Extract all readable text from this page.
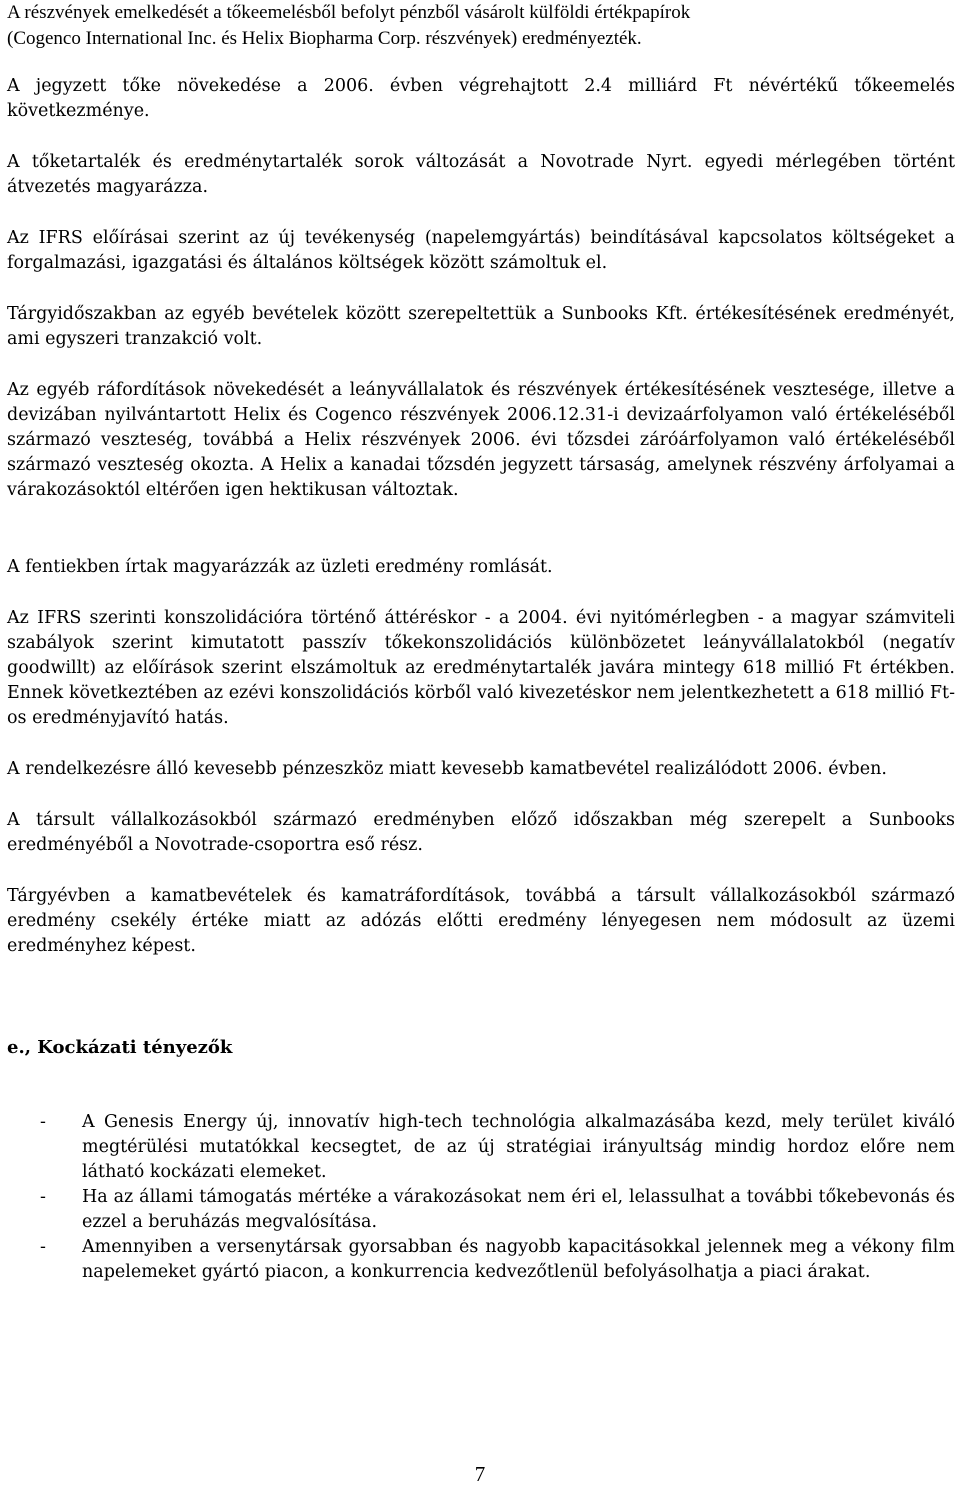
A részvények emelkedését a tőkeemelésből befolyt pénzből vásárolt külföldi értékpapírok
(Cogenco International Inc. és Helix Biopharma Corp. részvények) eredményezték.

A jegyzett tőke növekedése a 2006. évben végrehajtott 2.4 milliárd Ft névértékű tőkeemelés következménye.

A tőketartalék és eredménytartalék sorok változását a Novotrade Nyrt. egyedi mérlegében történt átvezetés magyarázza.

Az IFRS előírásai szerint az új tevékenység (napelemgyártás) beindításával kapcsolatos költségeket a forgalmazási, igazgatási és általános költségek között számoltuk el.

Tárgyidőszakban az egyéb bevételek között szerepeltettük a Sunbooks Kft. értékesítésének eredményét, ami egyszeri tranzakció volt.

Az egyéb ráfordítások növekedését a leányvállalatok és részvények értékesítésének vesztesége, illetve a devizában nyilvántartott Helix és Cogenco részvények 2006.12.31-i devizaárfolyamon való értékeléséből származó veszteség, továbbá a Helix részvények 2006. évi tőzsdei záróárfolyamon való értékeléséből származó veszteség okozta. A Helix a kanadai tőzsdén jegyzett társaság, amelynek részvény árfolyamai a várakozásoktól eltérően igen hektikusan változtak.

A fentiekben írtak magyarázzák az üzleti eredmény romlását.

Az IFRS szerinti konszolidációra történő áttéréskor - a 2004. évi nyitómérlegben - a magyar számviteli szabályok szerint kimutatott passzív tőkekonszolidációs különbözetet leányvállalatokból (negatív goodwillt) az előírások szerint elszámoltuk az eredménytartalék javára mintegy 618 millió Ft értékben. Ennek következtében az ezévi konszolidációs körből való kivezetéskor nem jelentkezhetett a 618 millió Ft-os eredményjavító hatás.

A rendelkezésre álló kevesebb pénzeszköz miatt kevesebb kamatbevétel realizálódott 2006. évben.

A társult vállalkozásokból származó eredményben előző időszakban még szerepelt a Sunbooks eredményéből a Novotrade-csoportra eső rész.

Tárgyévben a kamatbevételek és kamatráfordítások, továbbá a társult vállalkozásokból származó eredmény csekély értéke miatt az adózás előtti eredmény lényegesen nem módosult az üzemi eredményhez képest.

e., Kockázati tényezők
- A Genesis Energy új, innovatív high-tech technológia alkalmazásába kezd, mely terület kiváló megtérülési mutatókkal kecsegtet, de az új stratégiai irányultság mindig hordoz előre nem látható kockázati elemeket.
- Ha az állami támogatás mértéke a várakozásokat nem éri el, lelassulhat a további tőkebevonás és ezzel a beruházás megvalósítása.
- Amennyiben a versenytársak gyorsabban és nagyobb kapacitásokkal jelennek meg a vékony film napelemeket gyártó piacon, a konkurrencia kedvezőtlenül befolyásolhatja a piaci árakat.
7
